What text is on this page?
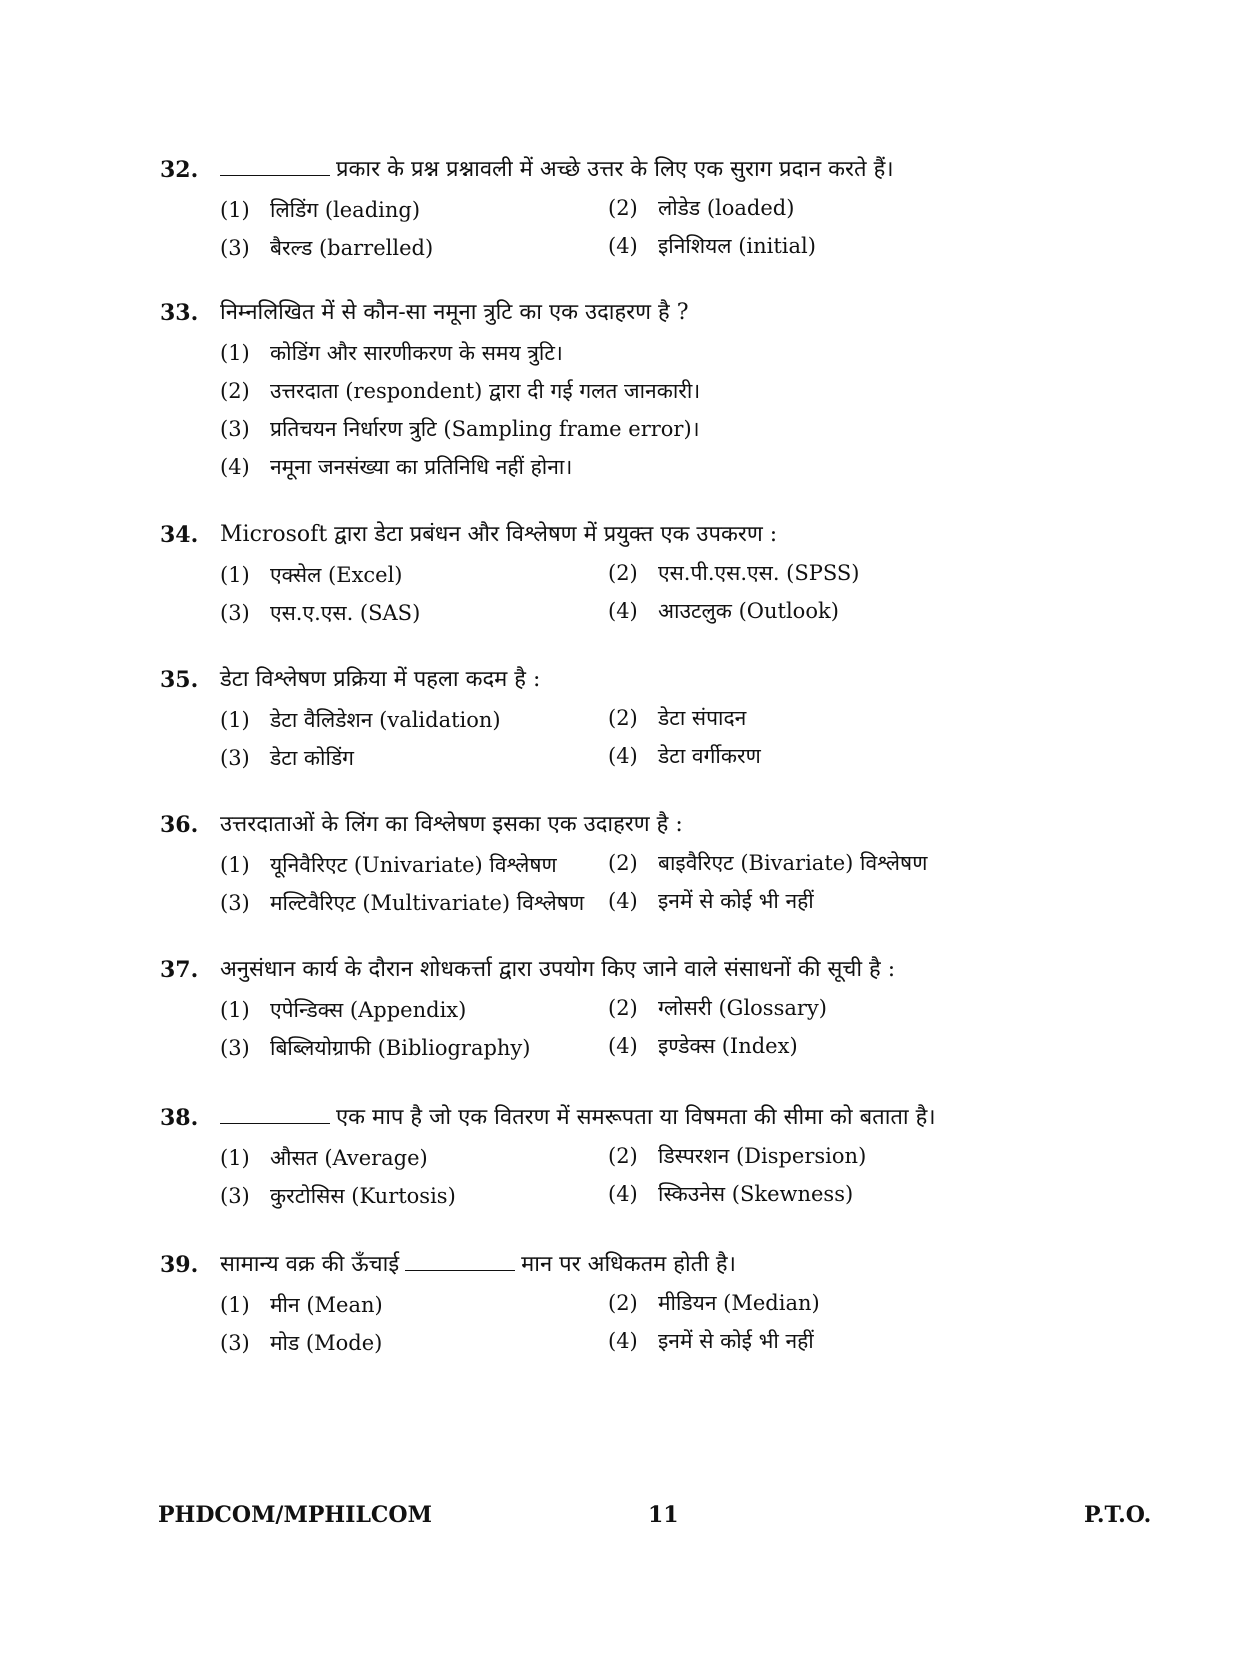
32.	प्रकार के प्रश्न प्रश्नावली में अच्छे उत्तर के लिए एक सुराग प्रदान करते हैं।
(1) लिडिंग (leading)	(2) लोडेड (loaded)
(3) बैरल्ड (barrelled)	(4) इनिशियल (initial)
33. निम्नलिखित में से कौन-सा नमूना त्रुटि का एक उदाहरण है ?
(1) कोडिंग और सारणीकरण के समय त्रुटि।
(2) उत्तरदाता (respondent) द्वारा दी गई गलत जानकारी।
(3) प्रतिचयन निर्धारण त्रुटि (Sampling frame error)।
(4) नमूना जनसंख्या का प्रतिनिधि नहीं होना।
34. Microsoft द्वारा डेटा प्रबंधन और विश्लेषण में प्रयुक्त एक उपकरण :
(1) एक्सेल (Excel)	(2) एस.पी.एस.एस. (SPSS)
(3) एस.ए.एस. (SAS)	(4) आउटलुक (Outlook)
35. डेटा विश्लेषण प्रक्रिया में पहला कदम है :
(1) डेटा वैलिडेशन (validation)	(2) डेटा संपादन
(3) डेटा कोडिंग	(4) डेटा वर्गीकरण
36. उत्तरदाताओं के लिंग का विश्लेषण इसका एक उदाहरण है :
(1) यूनिवैरिएट (Univariate) विश्लेषण (2) बाइवैरिएट (Bivariate) विश्लेषण
(3) मल्टिवैरिएट (Multivariate) विश्लेषण (4) इनमें से कोई भी नहीं
37. अनुसंधान कार्य के दौरान शोधकर्त्ता द्वारा उपयोग किए जाने वाले संसाधनों की सूची है :
(1) एपेन्डिक्स (Appendix)	(2) ग्लोसरी (Glossary)
(3) बिब्लियोग्राफी (Bibliography)	(4) इण्डेक्स (Index)
38.	एक माप है जो एक वितरण में समरूपता या विषमता की सीमा को बताता है।
(1) औसत (Average)	(2) डिस्परशन (Dispersion)
(3) कुरटोसिस (Kurtosis)	(4) स्किउनेस (Skewness)
39. सामान्य वक्र की ऊँचाई	मान पर अधिकतम होती है।
(1) मीन (Mean)	(2) मीडियन (Median)
(3) मोड (Mode)	(4) इनमें से कोई भी नहीं
PHDCOM/MPHILCOM	11	P.T.O.
